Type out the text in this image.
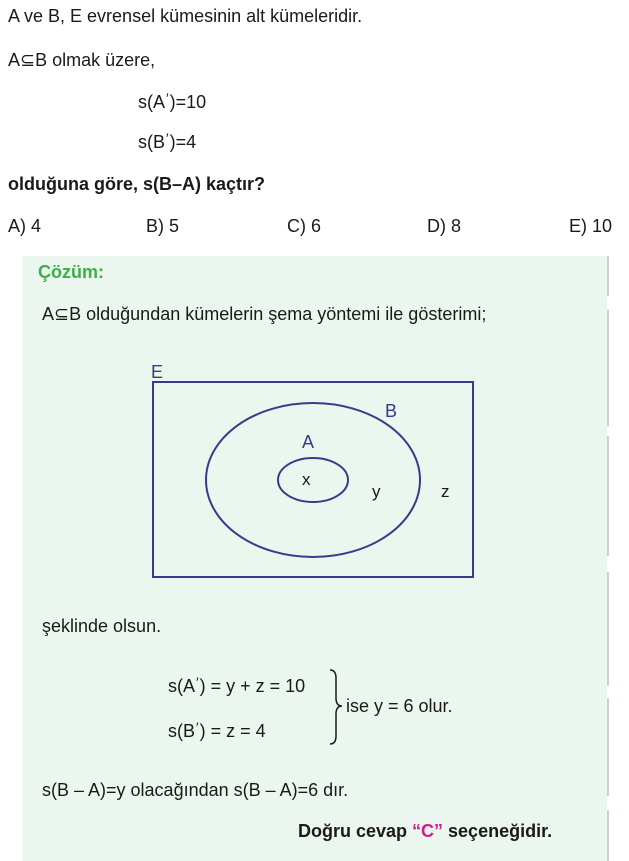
A ve B, E evrensel kümesinin alt kümeleridir.
A⊆B olmak üzere,
s(A′)=10
s(B′)=4
olduğuna göre, s(B–A) kaçtır?
A) 4	B) 5	C) 6	D) 8	E) 10
Çözüm:
A⊆B olduğundan kümelerin şema yöntemi ile gösterimi;
E
B
A
x
y	z
şeklinde olsun.
s(A′) = y + z = 10
s(B′) = z = 4
ise y = 6 olur.
s(B – A)=y olacağından s(B – A)=6 dır.
Doğru cevap “C” seçeneğidir.
